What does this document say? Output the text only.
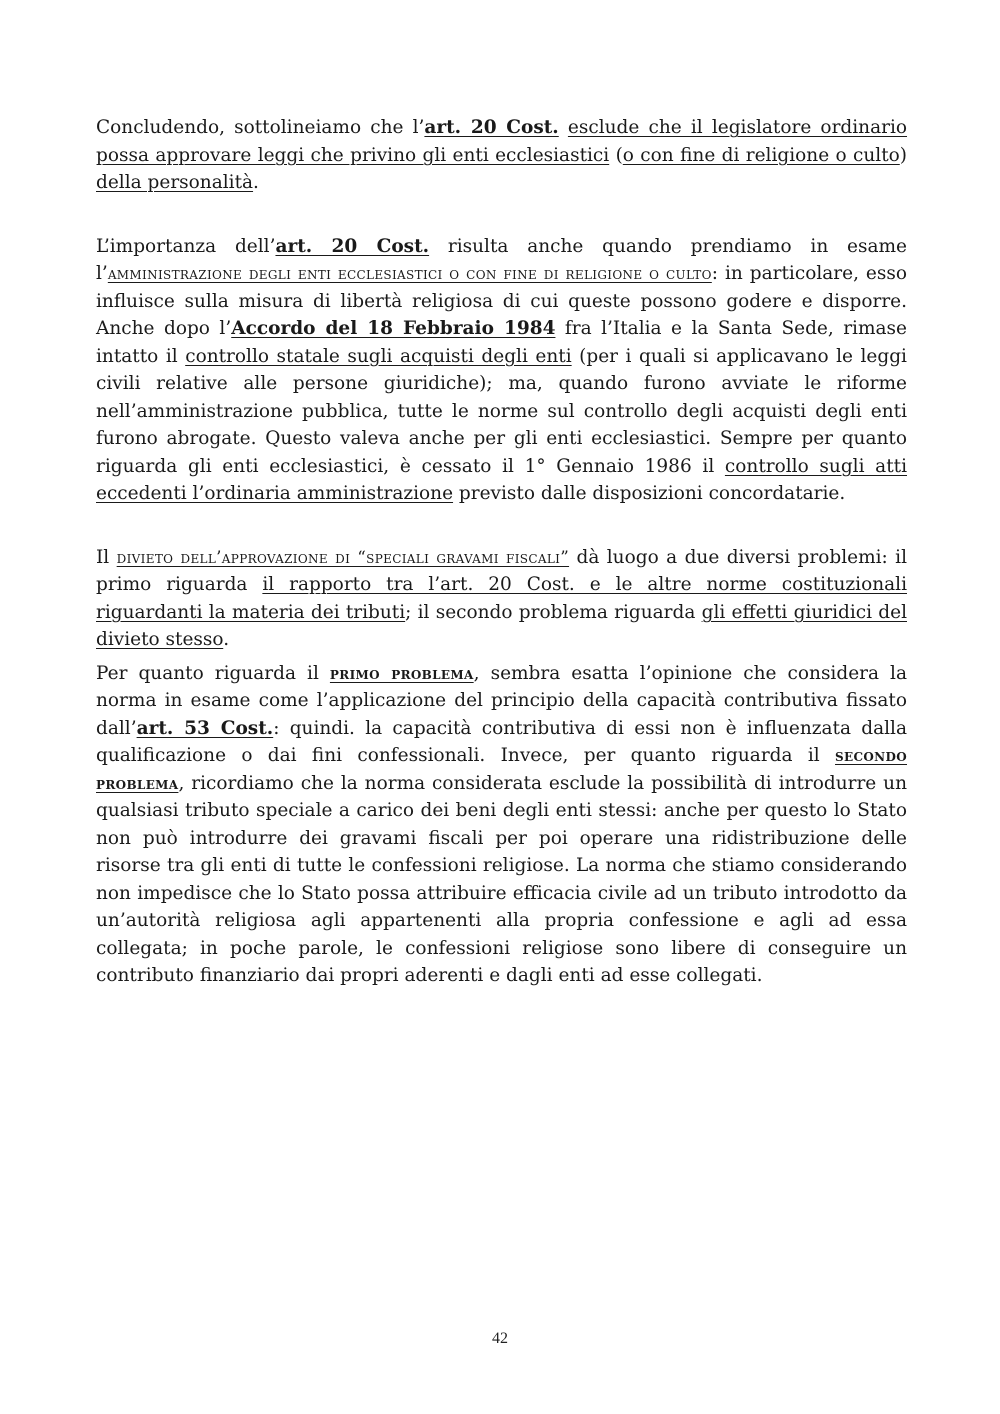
Concludendo, sottolineiamo che l’art. 20 Cost. esclude che il legislatore ordinario possa approvare leggi che privino gli enti ecclesiastici (o con fine di religione o culto) della personalità.

L’importanza dell’art. 20 Cost. risulta anche quando prendiamo in esame l’amministrazione degli enti ecclesiastici o con fine di religione o culto: in particolare, esso influisce sulla misura di libertà religiosa di cui queste possono godere e disporre. Anche dopo l’Accordo del 18 Febbraio 1984 fra l’Italia e la Santa Sede, rimase intatto il controllo statale sugli acquisti degli enti (per i quali si applicavano le leggi civili relative alle persone giuridiche); ma, quando furono avviate le riforme nell’amministrazione pubblica, tutte le norme sul controllo degli acquisti degli enti furono abrogate. Questo valeva anche per gli enti ecclesiastici. Sempre per quanto riguarda gli enti ecclesiastici, è cessato il 1° Gennaio 1986 il controllo sugli atti eccedenti l’ordinaria amministrazione previsto dalle disposizioni concordatarie.

Il divieto dell’approvazione di “speciali gravami fiscali” dà luogo a due diversi problemi: il primo riguarda il rapporto tra l’art. 20 Cost. e le altre norme costituzionali riguardanti la materia dei tributi; il secondo problema riguarda gli effetti giuridici del divieto stesso.

Per quanto riguarda il primo problema, sembra esatta l’opinione che considera la norma in esame come l’applicazione del principio della capacità contributiva fissato dall’art. 53 Cost.: quindi. la capacità contributiva di essi non è influenzata dalla qualificazione o dai fini confessionali. Invece, per quanto riguarda il secondo problema, ricordiamo che la norma considerata esclude la possibilità di introdurre un qualsiasi tributo speciale a carico dei beni degli enti stessi: anche per questo lo Stato non può introdurre dei gravami fiscali per poi operare una ridistribuzione delle risorse tra gli enti di tutte le confessioni religiose. La norma che stiamo considerando non impedisce che lo Stato possa attribuire efficacia civile ad un tributo introdotto da un’autorità religiosa agli appartenenti alla propria confessione e agli ad essa collegata; in poche parole, le confessioni religiose sono libere di conseguire un contributo finanziario dai propri aderenti e dagli enti ad esse collegati.

42
